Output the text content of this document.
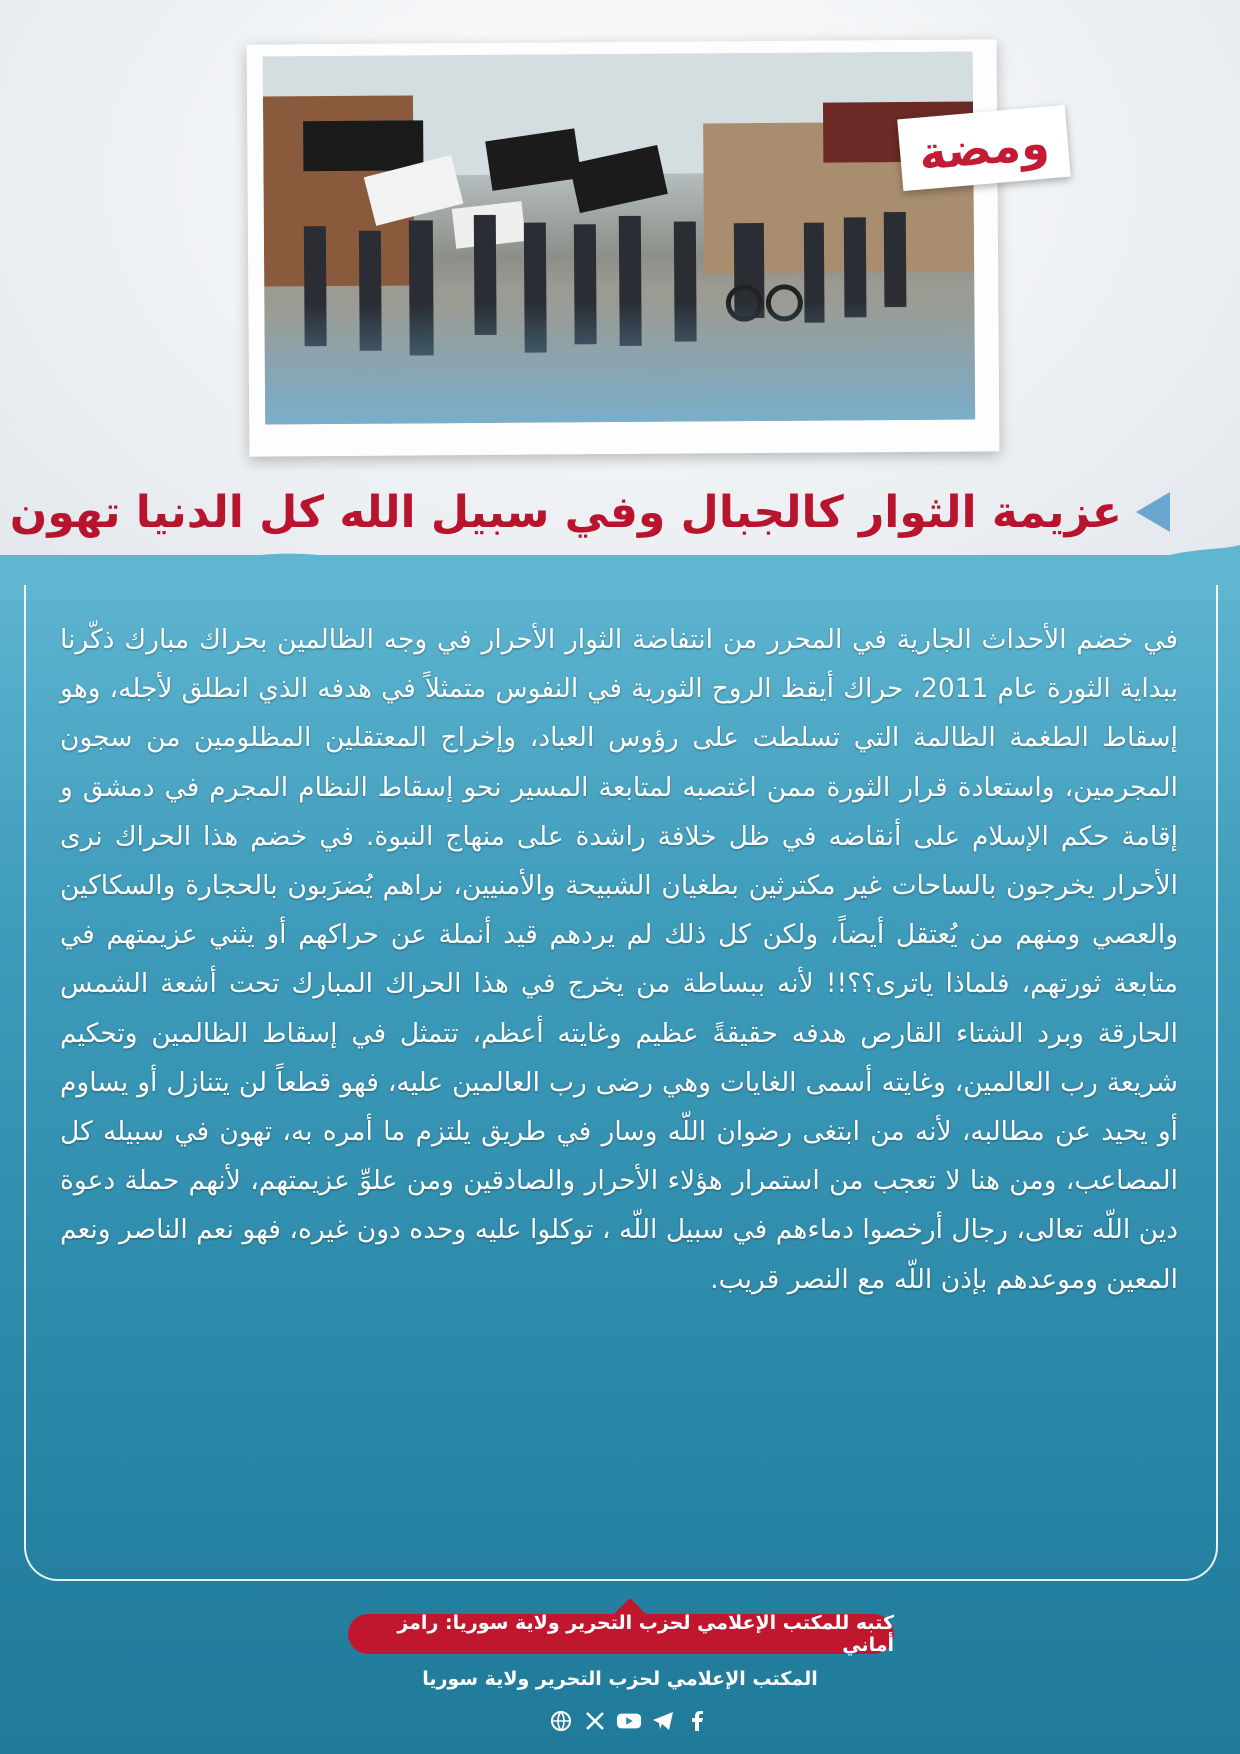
ومضة
عزيمة الثوار كالجبال وفي سبيل الله كل الدنيا تهون
في خضم الأحداث الجارية في المحرر من انتفاضة الثوار الأحرار في وجه الظالمين بحراك مبارك ذكّرنا ببداية الثورة عام 2011، حراك أيقظ الروح الثورية في النفوس متمثلاً في هدفه الذي انطلق لأجله، وهو إسقاط الطغمة الظالمة التي تسلطت على رؤوس العباد، وإخراج المعتقلين المظلومين من سجون المجرمين، واستعادة قرار الثورة ممن اغتصبه لمتابعة المسير نحو إسقاط النظام المجرم في دمشق و إقامة حكم الإسلام على أنقاضه في ظل خلافة راشدة على منهاج النبوة. في خضم هذا الحراك نرى الأحرار يخرجون بالساحات غير مكترثين بطغيان الشبيحة والأمنيين، نراهم يُضرَبون بالحجارة والسكاكين والعصي ومنهم من يُعتقل أيضاً، ولكن كل ذلك لم يردهم قيد أنملة عن حراكهم أو يثني عزيمتهم في متابعة ثورتهم، فلماذا ياترى؟؟!! لأنه ببساطة من يخرج في هذا الحراك المبارك تحت أشعة الشمس الحارقة وبرد الشتاء القارص هدفه حقيقةً عظيم وغايته أعظم، تتمثل في إسقاط الظالمين وتحكيم شريعة رب العالمين، وغايته أسمى الغايات وهي رضى رب العالمين عليه، فهو قطعاً لن يتنازل أو يساوم أو يحيد عن مطالبه، لأنه من ابتغى رضوان اللّه وسار في طريق يلتزم ما أمره به، تهون في سبيله كل المصاعب، ومن هنا لا تعجب من استمرار هؤلاء الأحرار والصادقين ومن علوِّ عزيمتهم، لأنهم حملة دعوة دين اللّه تعالى، رجال أرخصوا دماءهم في سبيل اللّه ، توكلوا عليه وحده دون غيره، فهو نعم الناصر ونعم المعين وموعدهم بإذن اللّه مع النصر قريب.
كتبه للمكتب الإعلامي لحزب التحرير ولاية سوريا: رامز أماني
المكتب الإعلامي لحزب التحرير ولاية سوريا
